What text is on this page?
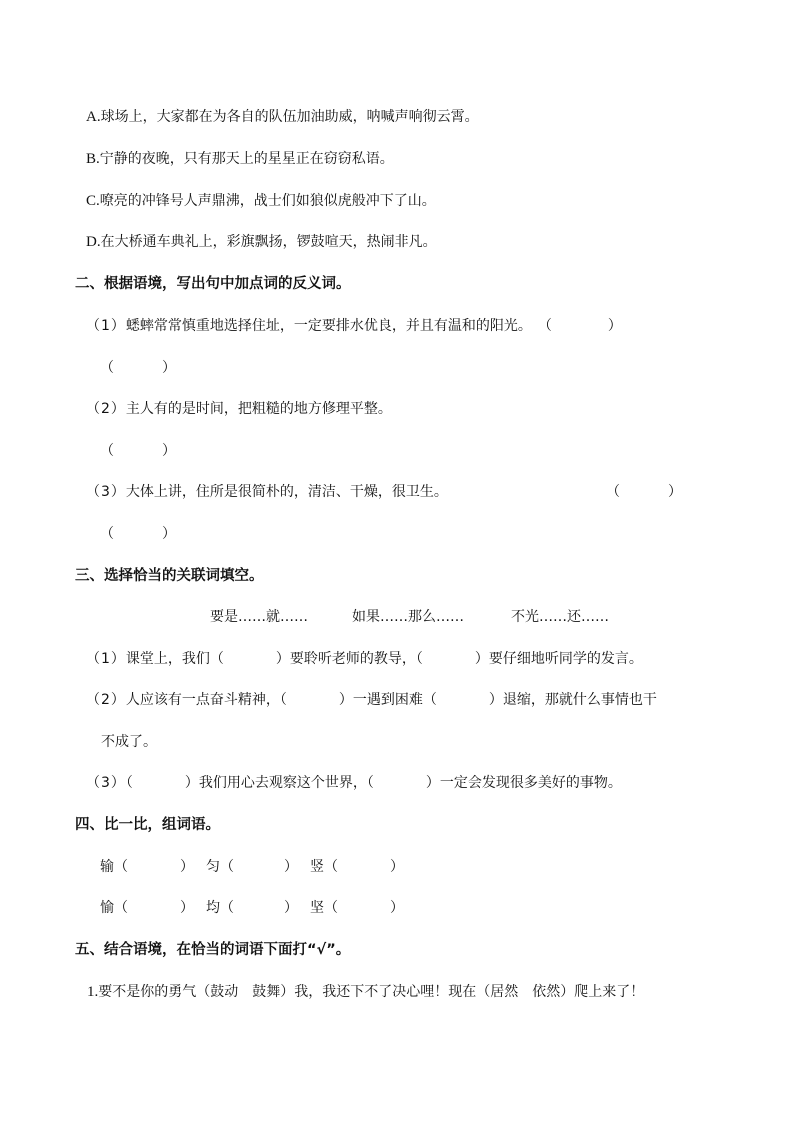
A.球场上，大家都在为各自的队伍加油助威，呐喊声响彻云霄。
B.宁静的夜晚，只有那天上的星星正在窃窃私语。
C.嘹亮的冲锋号人声鼎沸，战士们如狼似虎般冲下了山。
D.在大桥通车典礼上，彩旗飘扬，锣鼓喧天，热闹非凡。
二、根据语境，写出句中加点词的反义词。
（1）蟋蟀常常慎重地选择住址，一定要排水优良，并且有温和的阳光。 （	）
（	）
（2）主人有的是时间，把粗糙的地方修理平整。
（	）
（3）大体上讲，住所是很简朴的，清洁、干燥，很卫生。	（	）
（	）
三、选择恰当的关联词填空。
要是……就……	如果……那么……	不光……还……
（1）课堂上，我们（	）要聆听老师的教导，（	）要仔细地听同学的发言。
（2）人应该有一点奋斗精神，（	）一遇到困难（	）退缩，那就什么事情也干
不成了。
（3）（	）我们用心去观察这个世界，（	）一定会发现很多美好的事物。
四、比一比，组词语。
输（	） 匀（	） 竖（	）
愉（	） 均（	） 坚（	）
五、结合语境，在恰当的词语下面打“√”。
1.要不是你的勇气（鼓动　鼓舞）我，我还下不了决心哩！现在（居然　依然）爬上来了！
